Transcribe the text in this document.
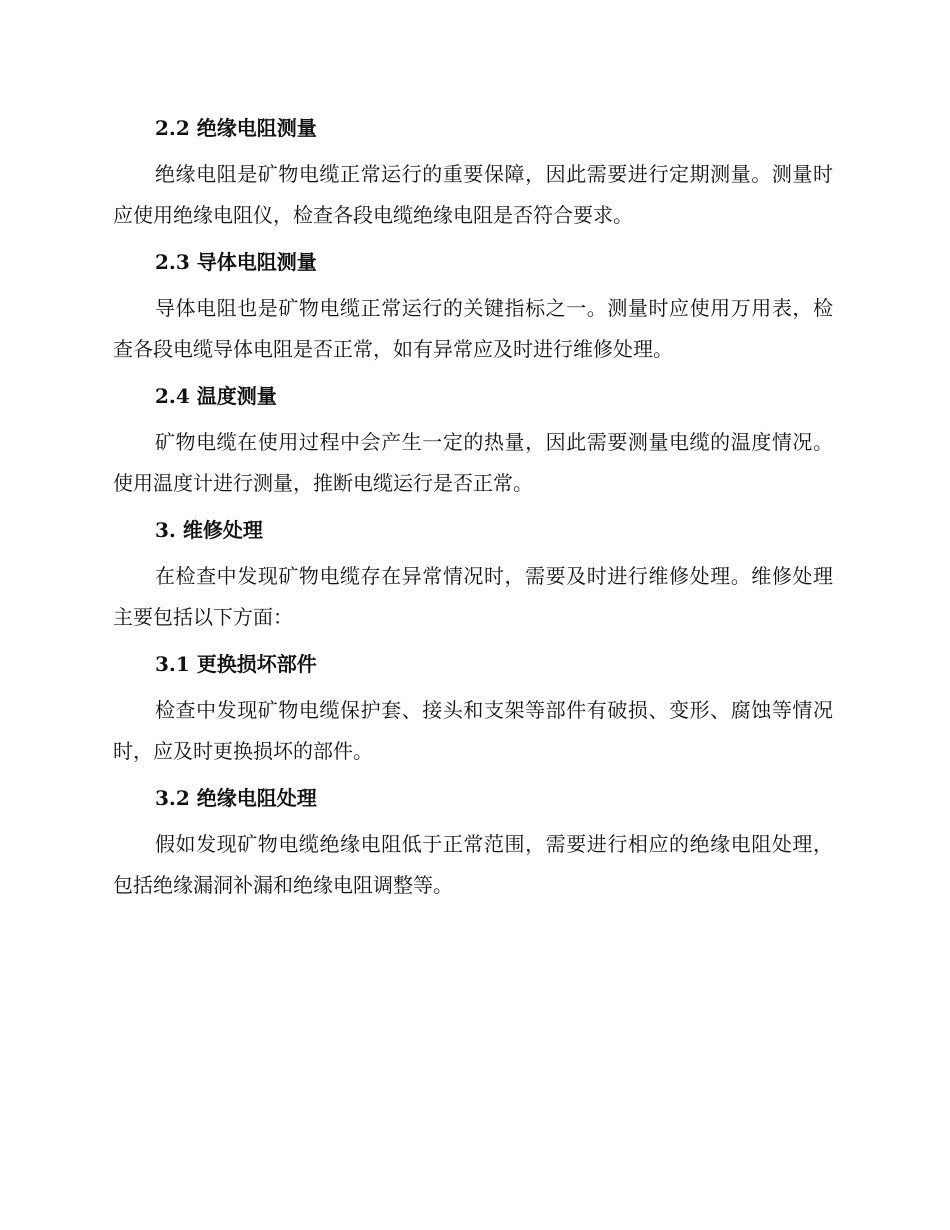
2.2 绝缘电阻测量

绝缘电阻是矿物电缆正常运行的重要保障，因此需要进行定期测量。测量时应使用绝缘电阻仪，检查各段电缆绝缘电阻是否符合要求。

2.3 导体电阻测量

导体电阻也是矿物电缆正常运行的关键指标之一。测量时应使用万用表，检查各段电缆导体电阻是否正常，如有异常应及时进行维修处理。

2.4 温度测量

矿物电缆在使用过程中会产生一定的热量，因此需要测量电缆的温度情况。使用温度计进行测量，推断电缆运行是否正常。

3. 维修处理

在检查中发现矿物电缆存在异常情况时，需要及时进行维修处理。维修处理主要包括以下方面：

3.1 更换损坏部件

检查中发现矿物电缆保护套、接头和支架等部件有破损、变形、腐蚀等情况时，应及时更换损坏的部件。

3.2 绝缘电阻处理

假如发现矿物电缆绝缘电阻低于正常范围，需要进行相应的绝缘电阻处理，包括绝缘漏洞补漏和绝缘电阻调整等。
